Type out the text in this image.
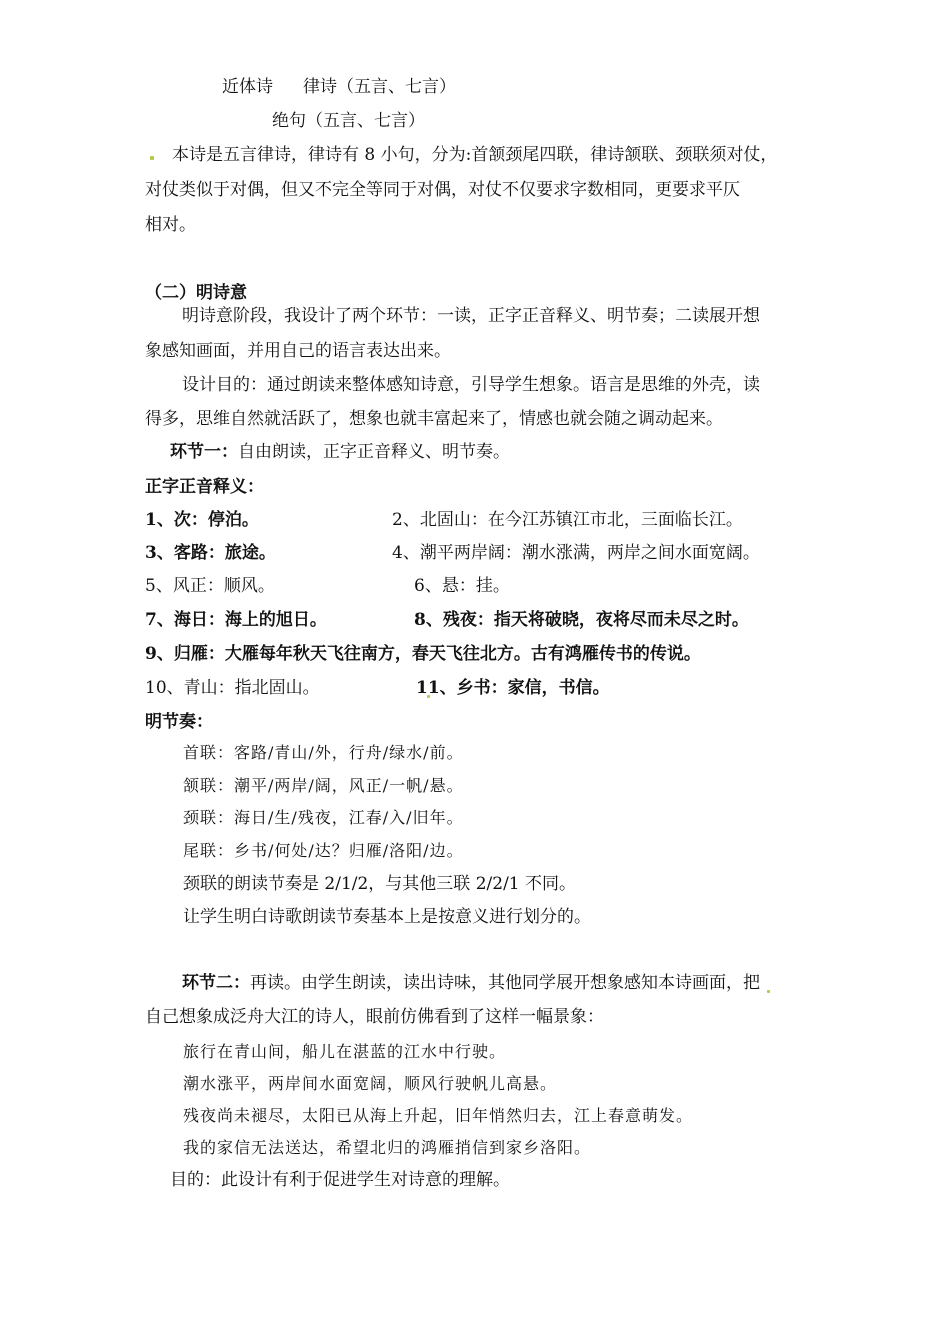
近体诗 律诗（五言、七言）
绝句（五言、七言）
本诗是五言律诗，律诗有 8 小句，分为:首颔颈尾四联，律诗颔联、颈联须对仗，
对仗类似于对偶，但又不完全等同于对偶，对仗不仅要求字数相同，更要求平仄
相对。
（二）明诗意
明诗意阶段，我设计了两个环节：一读，正字正音释义、明节奏；二读展开想
象感知画面，并用自己的语言表达出来。
设计目的：通过朗读来整体感知诗意，引导学生想象。语言是思维的外壳，读
得多，思维自然就活跃了，想象也就丰富起来了，情感也就会随之调动起来。
环节一：自由朗读，正字正音释义、明节奏。
正字正音释义：
1、次：停泊。	2、北固山：在今江苏镇江市北，三面临长江。
3、客路：旅途。	4、潮平两岸阔：潮水涨满，两岸之间水面宽阔。
5、风正：顺风。	6、悬：挂。
7、海日：海上的旭日。	8、残夜：指天将破晓，夜将尽而未尽之时。
9、归雁：大雁每年秋天飞往南方，春天飞往北方。古有鸿雁传书的传说。
10、青山：指北固山。	11、乡书：家信，书信。
明节奏：
首联：客路/青山/外，行舟/绿水/前。
颔联：潮平/两岸/阔，风正/一帆/悬。
颈联：海日/生/残夜，江春/入/旧年。
尾联：乡书/何处/达？归雁/洛阳/边。
颈联的朗读节奏是 2/1/2，与其他三联 2/2/1 不同。
让学生明白诗歌朗读节奏基本上是按意义进行划分的。
环节二：再读。由学生朗读，读出诗味，其他同学展开想象感知本诗画面，把
自己想象成泛舟大江的诗人，眼前仿佛看到了这样一幅景象：
旅行在青山间，船儿在湛蓝的江水中行驶。
潮水涨平，两岸间水面宽阔，顺风行驶帆儿高悬。
残夜尚未褪尽，太阳已从海上升起，旧年悄然归去，江上春意萌发。
我的家信无法送达，希望北归的鸿雁捎信到家乡洛阳。
目的：此设计有利于促进学生对诗意的理解。
